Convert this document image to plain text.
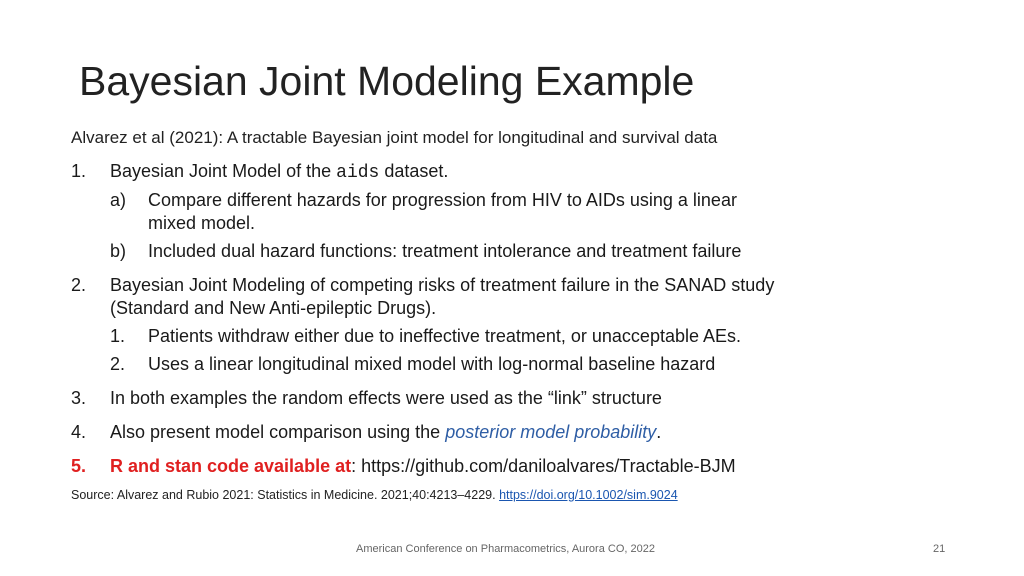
Bayesian Joint Modeling Example
Alvarez et al (2021): A tractable Bayesian joint model for longitudinal and survival data
1. Bayesian Joint Model of the aids dataset.
a) Compare different hazards for progression from HIV to AIDs using a linear mixed model.
b) Included dual hazard functions: treatment intolerance and treatment failure
2. Bayesian Joint Modeling of competing risks of treatment failure in the SANAD study (Standard and New Anti-epileptic Drugs).
1. Patients withdraw either due to ineffective treatment, or unacceptable AEs.
2. Uses a linear longitudinal mixed model with log-normal baseline hazard
3. In both examples the random effects were used as the “link” structure
4. Also present model comparison using the posterior model probability.
5. R and stan code available at: https://github.com/daniloalvares/Tractable-BJM
Source: Alvarez and Rubio 2021: Statistics in Medicine. 2021;40:4213–4229. https://doi.org/10.1002/sim.9024
American Conference on Pharmacometrics, Aurora CO, 2022	21
